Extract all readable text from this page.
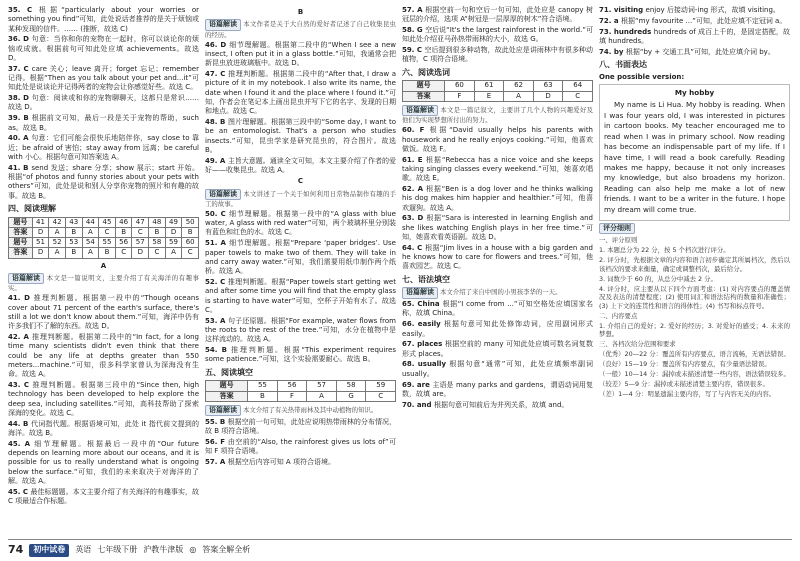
35. C 根据“particularly about your worries or something you find”可知，此处说话者推荐的是关于烦恼或某种发现的信件。…… (推断，故选 C)

36. D 句意：当你和你的宠物在一起时，你可以谈论你的烦恼或成就。根据前句可知此处应填 achievements。故选 D。

37. C care 关心；leave 离开；forget 忘记；remember 记得。根据“Then as you talk about your pet and...it”可知此处是说谈论并记得两者的宠物会让你感觉好些。故选 C。

38. D 句意：阅读或和你的宠物聊聊天，这都只是常识…… 故选 D。

39. B 根据前文可知，最后一段是关于宠物的帮助，such as。故选 B。

40. A 句意：它们可能会很快乐地陪伴你，say close to 靠近；be afraid of 害怕；stay away from 远离；be careful with 小心。根据句意可知答案选 A。

41. B send 发送；share 分享；show 展示；start 开始。根据“of photos and funny stories about your pets with others”可知，此处是说和别人分享你宠物的照片和有趣的故事。故选 B。

四、阅读理解
题号	41	42	43	44	45	46	47	48	49	50
答案	D	A	B	A	C	B	C	B	D	B
题号	51	52	53	54	55	56	57	58	59	60
答案	D	A	B	A	B	C	D	C	A	C
A

语篇解读 本文是一篇说明文，主要介绍了有关海洋的有趣事实。

41. D 推理判断题。根据第一段中的“Though oceans cover about 71 percent of the earth's surface, there's still a lot we don't know about them.”可知，海洋中仍有许多我们不了解的东西。故选 D。

42. A 推理判断题。根据第二段中的“In fact, for a long time many scientists didn't even think that there could be any life at depths greater than 550 meters...machine.”可知，很多科学家曾认为深海没有生命。故选 A。

43. C 推理判断题。根据第三段中的“Since then, high technology has been developed to help explore the deep sea, including satellites.”可知，高科技帮助了探索深海的变化。故选 C。

44. B 代词指代题。根据语境可知，此处 it 指代前文提到的海洋。故选 B。

45. A 细节理解题。根据最后一段中的“Our future depends on learning more about our oceans, and it is possible for us to really understand what is ongoing below the surface.”可知，我们的未来取决于对海洋的了解。故选 A。

45. C 最佳标题题。本文主要介绍了有关海洋的有趣事实，故 C 项最适合作标题。

B

语篇解读 本文作者是关于大自然的爱好者记述了自己收集昆虫的经历。

46. D 细节理解题。根据第二段中的“When I see a new insect, I often put it in a glass bottle.”可知，我通常会把新昆虫放进玻璃瓶中。故选 D。

47. C 推理判断题。根据第二段中的“After that, I draw a picture of it in my notebook. I also write its name, the date when I found it and the place where I found it.”可知，作者会在笔记本上画出昆虫并写下它的名字、发现的日期和地点。故选 C。

48. B 图片理解题。根据第三段中的“Some day, I want to be an entomologist. That's a person who studies insects.”可知，昆虫学家是研究昆虫的，符合图片。故选 B。

49. A 主旨大意题。通读全文可知，本文主要介绍了作者的爱好——收集昆虫。故选 A。

C

语篇解读 本文讲述了一个关于如何利用日常物品制作有趣的手工的故事。

50. C 细节理解题。根据第一段中的“A glass with blue water, A glass with red water”可知，两个玻璃杯里分别装有蓝色和红色的水。故选 C。

51. A 细节理解题。根据“Prepare ‘paper bridges’. Use paper towels to make two of them. They will take in and carry away water.”可知，我们需要用纸巾制作两个纸桥。故选 A。

52. C 推理判断题。根据“Paper towels start getting wet and after some time you will find that the empty glass is starting to have water”可知，空杯子开始有水了。故选 C。

53. A 句子还原题。根据“For example, water flows from the roots to the rest of the tree.”可知，水分在植物中是这样流动的。故选 A。

54. B 推理判断题。根据“This experiment requires some patience.”可知，这个实验需要耐心。故选 B。

五、阅读填空
题号	55	56	57	58	59
答案	B	F	A	G	C

语篇解读 本文介绍了有关热带雨林及其中动植物的知识。

55. B 根据空前一句可知，此处应说明热带雨林的分布情况，故 B 项符合语境。

56. F 由空前的“Also, the rainforest gives us lots of”可知 F 项符合语境。

57. A 根据空后内容可知 A 项符合语境。

57. A 根据空前一句和空后一句可知，此处应是 canopy 树冠层的介绍，选项 A“树冠是一层厚厚的树木”符合语境。

58. G 空后说“It's the largest rainforest in the world.”可知此处介绍亚马孙热带雨林的大小，故选 G。

59. C 空后提到很多种动物，故此处应是讲雨林中有很多种动植物，C 项符合语境。

六、阅读选词
题号	60	61	62	63	64
答案	F	E	A	D	C

语篇解读 本文是一篇记叙文，主要讲了几个人物的兴趣爱好及他们为实现梦想所付出的努力。

60. F 根据“David usually helps his parents with housework and he really enjoys cooking.”可知，他喜欢做饭。故选 F。

61. E 根据“Rebecca has a nice voice and she keeps taking singing classes every weekend.”可知，她喜欢唱歌。故选 E。

62. A 根据“Ben is a dog lover and he thinks walking his dog makes him happier and healthier.”可知，他喜欢遛狗。故选 A。

63. D 根据“Sara is interested in learning English and she likes watching English plays in her free time.”可知，她喜欢看英语剧。故选 D。

64. C 根据“Jim lives in a house with a big garden and he knows how to care for flowers and trees.”可知，他喜欢园艺。故选 C。

七、语法填空

语篇解读 本文介绍了来自中国的小男孩李华的一天。

65. China 根据“I come from ...”可知空格处应填国家名称，故填 China。

66. easily 根据句意可知此处修饰动词，应用副词形式 easily。

67. places 根据空前的 many 可知此处应填可数名词复数形式 places。

68. usually 根据句意“通常”可知，此处应填频率副词 usually。

69. are 主语是 many parks and gardens，谓语动词用复数，故填 are。

70. and 根据句意可知前后为并列关系，故填 and。

71. visiting enjoy 后接动词-ing 形式，故填 visiting。

72. a 根据“my favourite ...”可知，此处应填不定冠词 a。

73. hundreds hundreds of 成百上千的，是固定搭配，故填 hundreds。

74. by 根据“by + 交通工具”可知，此处应填介词 by。

八、书面表达
One possible version:
My hobby

My name is Li Hua. My hobby is reading. When I was four years old, I was interested in pictures in cartoon books. My teacher encouraged me to read when I was in primary school. Now reading has become an indispensable part of my life. If I have time, I will read a book carefully. Reading makes me happy, because it not only increases my knowledge, but also broadens my horizon. Reading can also help me make a lot of new friends. I want to be a writer in the future. I hope my dream will come true.

评分细则

一、评分原则

1. 本题总分为 22 分，按 5 个档次进行评分。

2. 评分时，先根据文章的内容和语言初步确定其所属档次，然后以该档次的要求来衡量，确定或调整档次，最后给分。

3. 词数少于 60 的，从总分中减去 2 分。

4. 评分时，应主要从以下四个方面考虑：(1) 对内容要点的覆盖情况及表达的清楚程度；(2) 使用词汇和语法结构的数量和准确性；(3) 上下文的连贯性和语言的得体性；(4) 书写和标点符号。

二、内容要点

1. 介绍自己的爱好；2. 爱好的经历；3. 对爱好的感受；4. 未来的梦想。

三、各档次给分范围和要求

（优秀）20—22 分：覆盖所有内容要点，语言流畅，无语法错误。

（良好）15—19 分：覆盖所有内容要点，有少量语法错误。

（一般）10—14 分：漏掉或未描述清楚一些内容，语法错误较多。

（较差）5—9 分：漏掉或未描述清楚主要内容，错误很多。

（差）1—4 分：明显遗漏主要内容，写了与内容无关的内容。

74	初中试卷	英语 七年级下册 沪教牛津版 ◎ 答案全解全析
